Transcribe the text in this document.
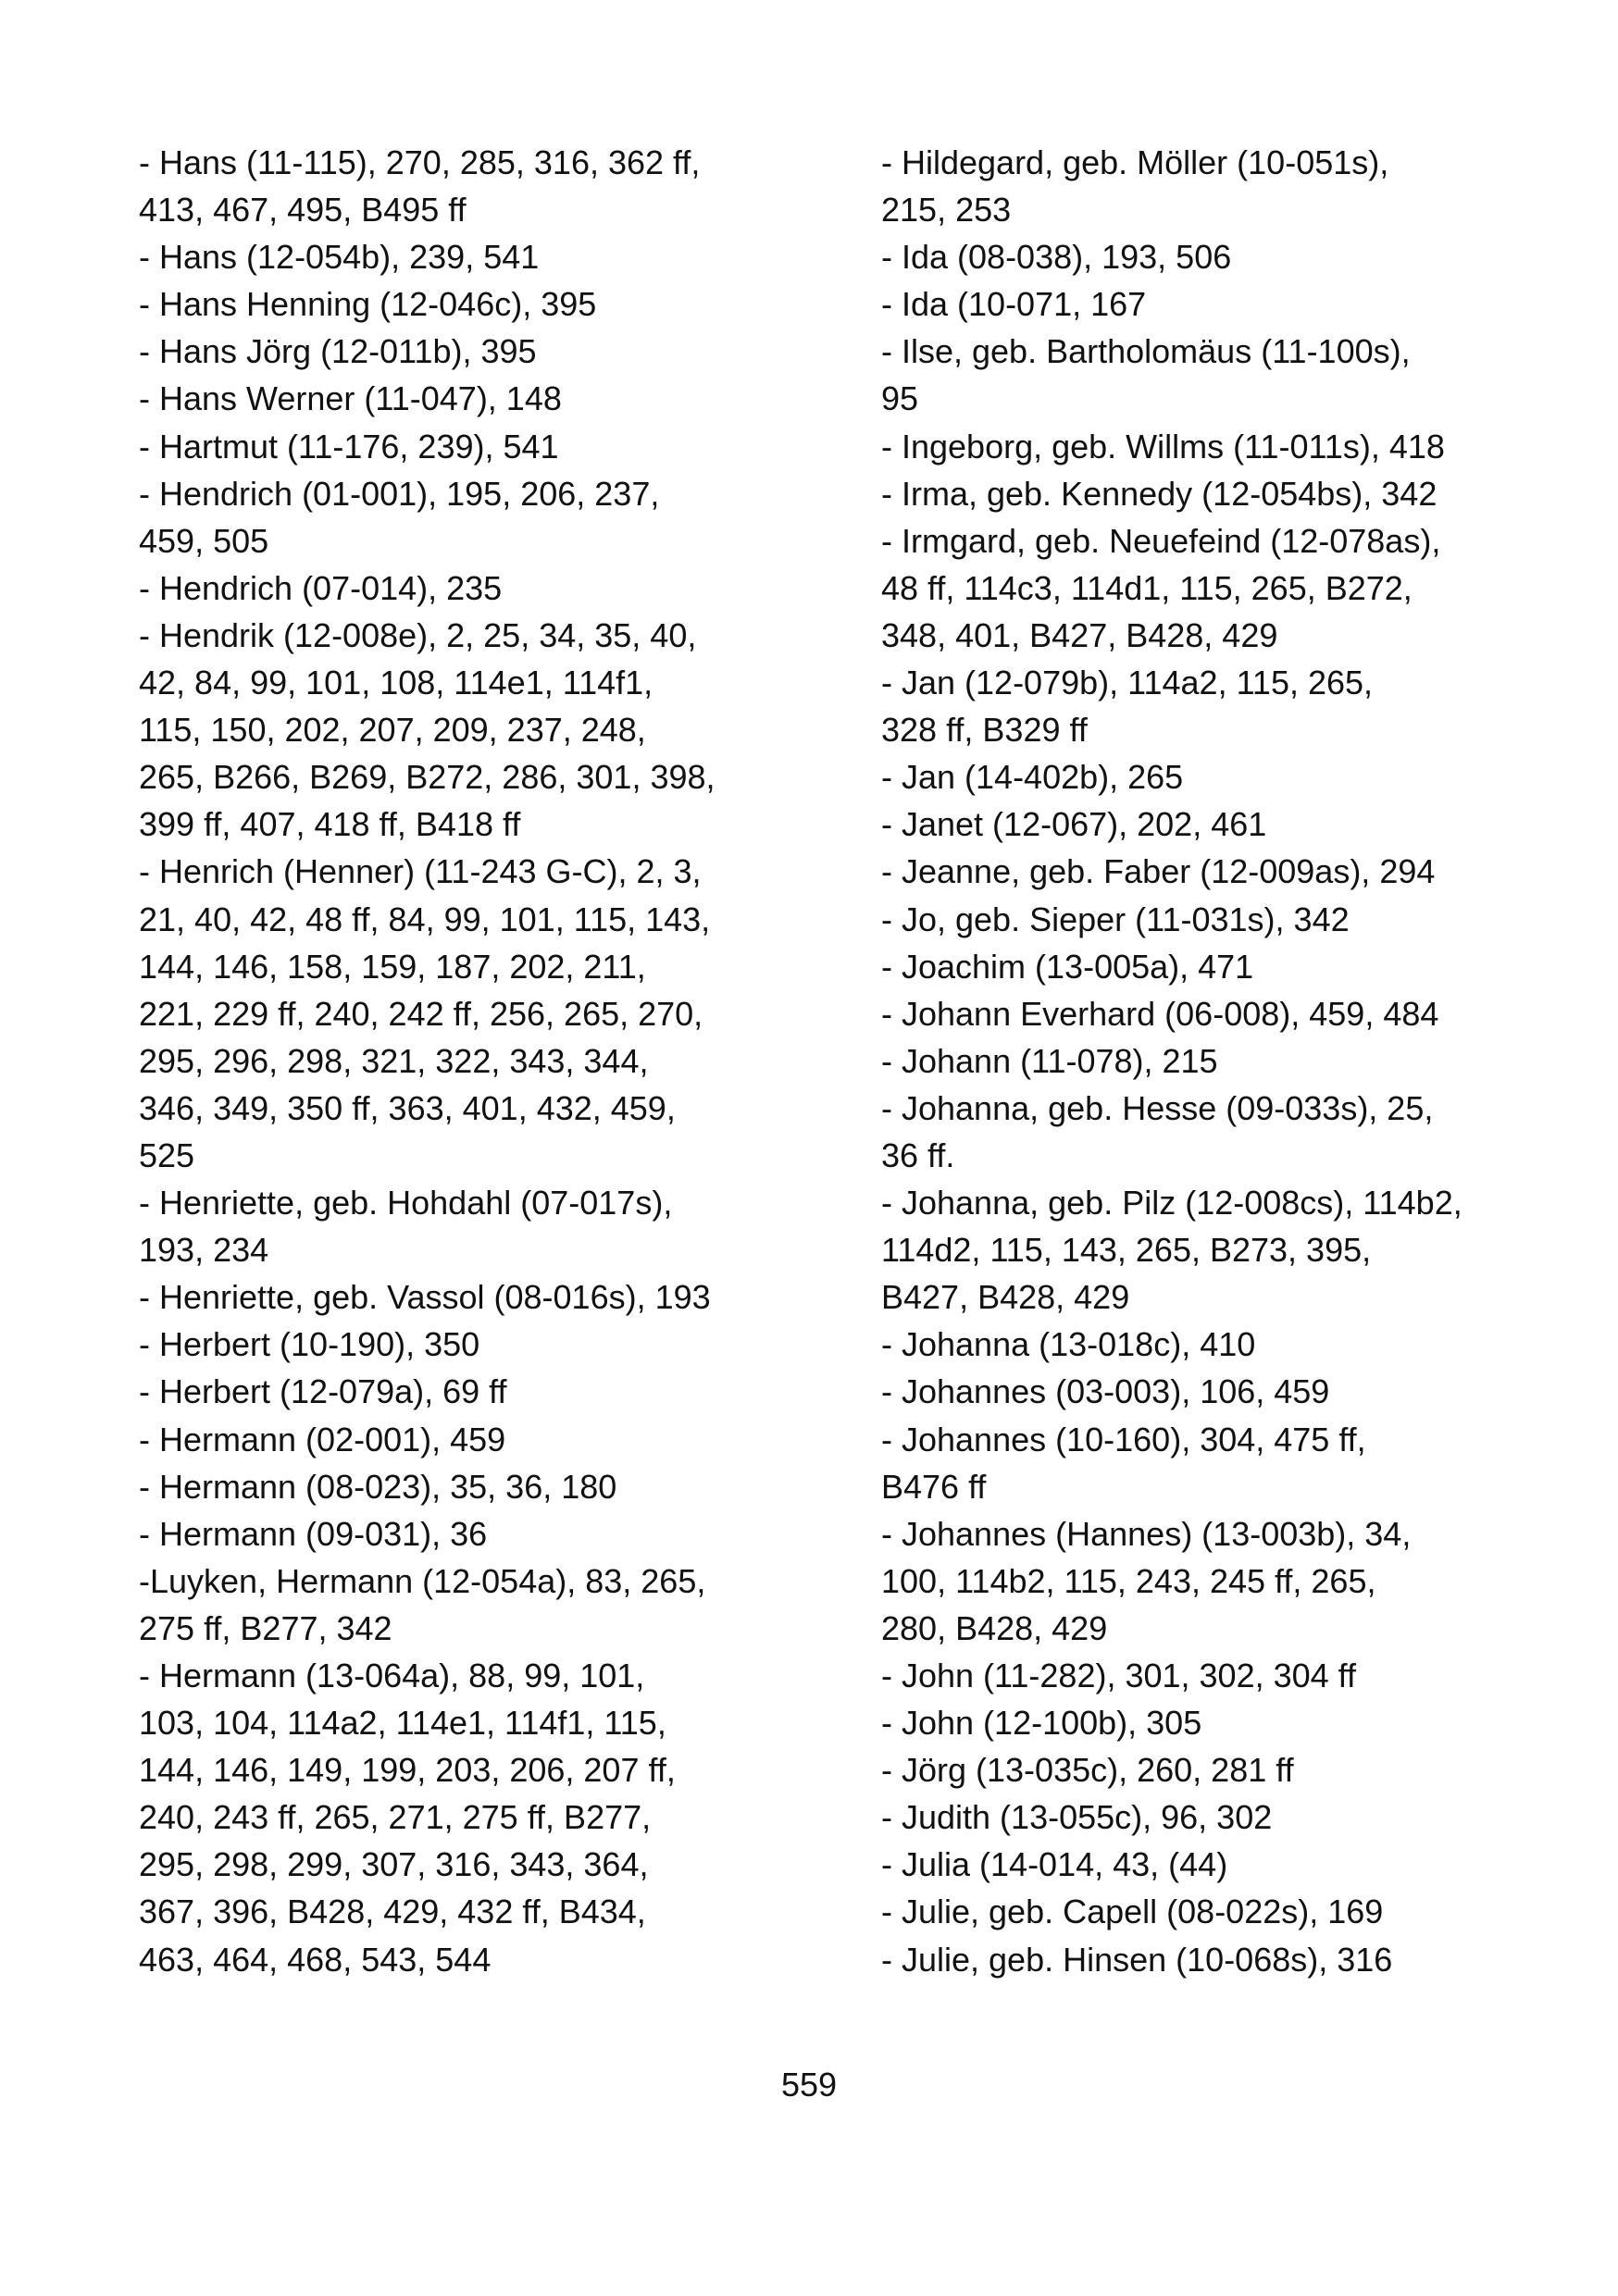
- Hans (11-115), 270, 285, 316, 362 ff,
413, 467, 495, B495 ff
- Hans (12-054b), 239, 541
- Hans Henning (12-046c), 395
- Hans Jörg (12-011b), 395
- Hans Werner (11-047), 148
- Hartmut (11-176, 239), 541
- Hendrich (01-001), 195, 206, 237,
459, 505
- Hendrich (07-014), 235
- Hendrik (12-008e), 2, 25, 34, 35, 40,
42, 84, 99, 101, 108, 114e1, 114f1,
115, 150, 202, 207, 209, 237, 248,
265, B266, B269, B272, 286, 301, 398,
399 ff, 407, 418 ff, B418 ff
- Henrich (Henner) (11-243 G-C), 2, 3,
21, 40, 42, 48 ff, 84, 99, 101, 115, 143,
144, 146, 158, 159, 187, 202, 211,
221, 229 ff, 240, 242 ff, 256, 265, 270,
295, 296, 298, 321, 322, 343, 344,
346, 349, 350 ff, 363, 401, 432, 459,
525
- Henriette, geb. Hohdahl (07-017s),
193, 234
- Henriette, geb. Vassol (08-016s), 193
- Herbert (10-190), 350
- Herbert (12-079a), 69 ff
- Hermann (02-001), 459
- Hermann (08-023), 35, 36, 180
- Hermann (09-031), 36
-Luyken, Hermann (12-054a), 83, 265,
275 ff, B277, 342
- Hermann (13-064a), 88, 99, 101,
103, 104, 114a2, 114e1, 114f1, 115,
144, 146, 149, 199, 203, 206, 207 ff,
240, 243 ff, 265, 271, 275 ff, B277,
295, 298, 299, 307, 316, 343, 364,
367, 396, B428, 429, 432 ff, B434,
463, 464, 468, 543, 544
- Hildegard, geb. Möller (10-051s),
215, 253
- Ida (08-038), 193, 506
- Ida (10-071, 167
- Ilse, geb. Bartholomäus (11-100s),
95
- Ingeborg, geb. Willms (11-011s), 418
- Irma, geb. Kennedy (12-054bs), 342
- Irmgard, geb. Neuefeind (12-078as),
48 ff, 114c3, 114d1, 115, 265, B272,
348, 401, B427, B428, 429
- Jan (12-079b), 114a2, 115, 265,
328 ff, B329 ff
- Jan (14-402b), 265
- Janet (12-067), 202, 461
- Jeanne, geb. Faber (12-009as), 294
- Jo, geb. Sieper (11-031s), 342
- Joachim (13-005a), 471
- Johann Everhard (06-008), 459, 484
- Johann (11-078), 215
- Johanna, geb. Hesse (09-033s), 25,
36 ff.
- Johanna, geb. Pilz (12-008cs), 114b2,
114d2, 115, 143, 265, B273, 395,
B427, B428, 429
- Johanna (13-018c), 410
- Johannes (03-003), 106, 459
- Johannes (10-160), 304, 475 ff,
B476 ff
- Johannes (Hannes) (13-003b), 34,
100, 114b2, 115, 243, 245 ff, 265,
280, B428, 429
- John (11-282), 301, 302, 304 ff
- John (12-100b), 305
- Jörg (13-035c), 260, 281 ff
- Judith (13-055c), 96, 302
- Julia (14-014, 43, (44)
- Julie, geb. Capell (08-022s), 169
- Julie, geb. Hinsen (10-068s), 316
559
